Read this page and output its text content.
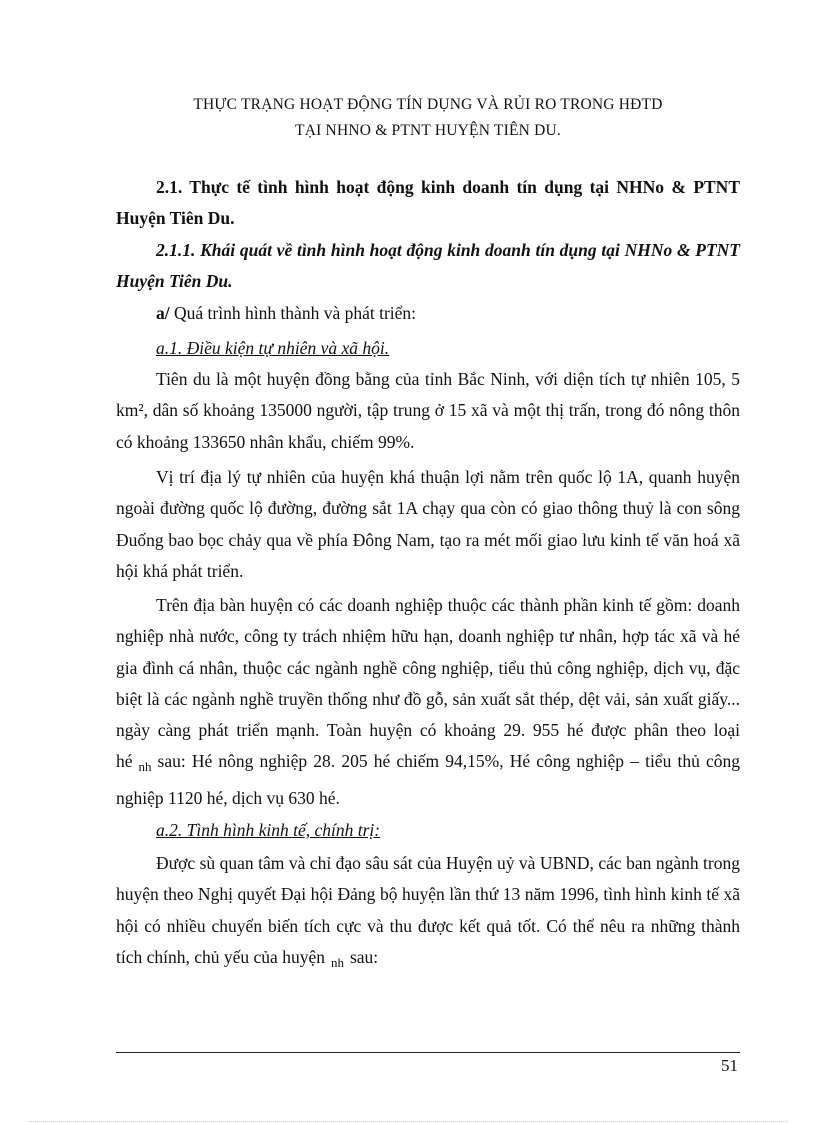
THỰC TRẠNG HOẠT ĐỘNG TÍN DỤNG VÀ RỦI RO TRONG HĐTD
TẠI NHNO & PTNT HUYỆN TIÊN DU.

2.1. Thực tế tình hình hoạt động kinh doanh tín dụng tại NHNo & PTNT Huyện Tiên Du.

2.1.1. Khái quát về tình hình hoạt động kinh doanh tín dụng tại NHNo & PTNT Huyện Tiên Du.

a/ Quá trình hình thành và phát triển:

a.1. Điều kiện tự nhiên và xã hội.

Tiên du là một huyện đồng bằng của tỉnh Bắc Ninh, với diện tích tự nhiên 105, 5 km², dân số khoảng 135000 người, tập trung ở 15 xã và một thị trấn, trong đó nông thôn có khoảng 133650 nhân khẩu, chiếm 99%.

Vị trí địa lý tự nhiên của huyện khá thuận lợi nằm trên quốc lộ 1A, quanh huyện ngoài đường quốc lộ đường, đường sắt 1A chạy qua còn có giao thông thuỷ là con sông Đuống bao bọc chảy qua về phía Đông Nam, tạo ra mét mối giao lưu kinh tế văn hoá xã hội khá phát triển.

Trên địa bàn huyện có các doanh nghiệp thuộc các thành phần kinh tế gồm: doanh nghiệp nhà nước, công ty trách nhiệm hữu hạn, doanh nghiệp tư nhân, hợp tác xã và hé gia đình cá nhân, thuộc các ngành nghề công nghiệp, tiểu thủ công nghiệp, dịch vụ, đặc biệt là các ngành nghề truyền thống như đồ gỗ, sản xuất sắt thép, dệt vải, sản xuất giấy... ngày càng phát triển mạnh. Toàn huyện có khoảng 29. 955 hé được phân theo loại hé $_{nh}$ sau: Hé nông nghiệp 28. 205 hé chiếm 94,15%, Hé công nghiệp – tiểu thủ công nghiệp 1120 hé, dịch vụ 630 hé.

a.2. Tình hình kinh tế, chính trị:

Được sù quan tâm và chỉ đạo sâu sát của Huyện uỷ và UBND, các ban ngành trong huyện theo Nghị quyết Đại hội Đảng bộ huyện lần thứ 13 năm 1996, tình hình kinh tế xã hội có nhiều chuyển biến tích cực và thu được kết quả tốt. Có thể nêu ra những thành tích chính, chủ yếu của huyện $_{nh}$ sau:

51
